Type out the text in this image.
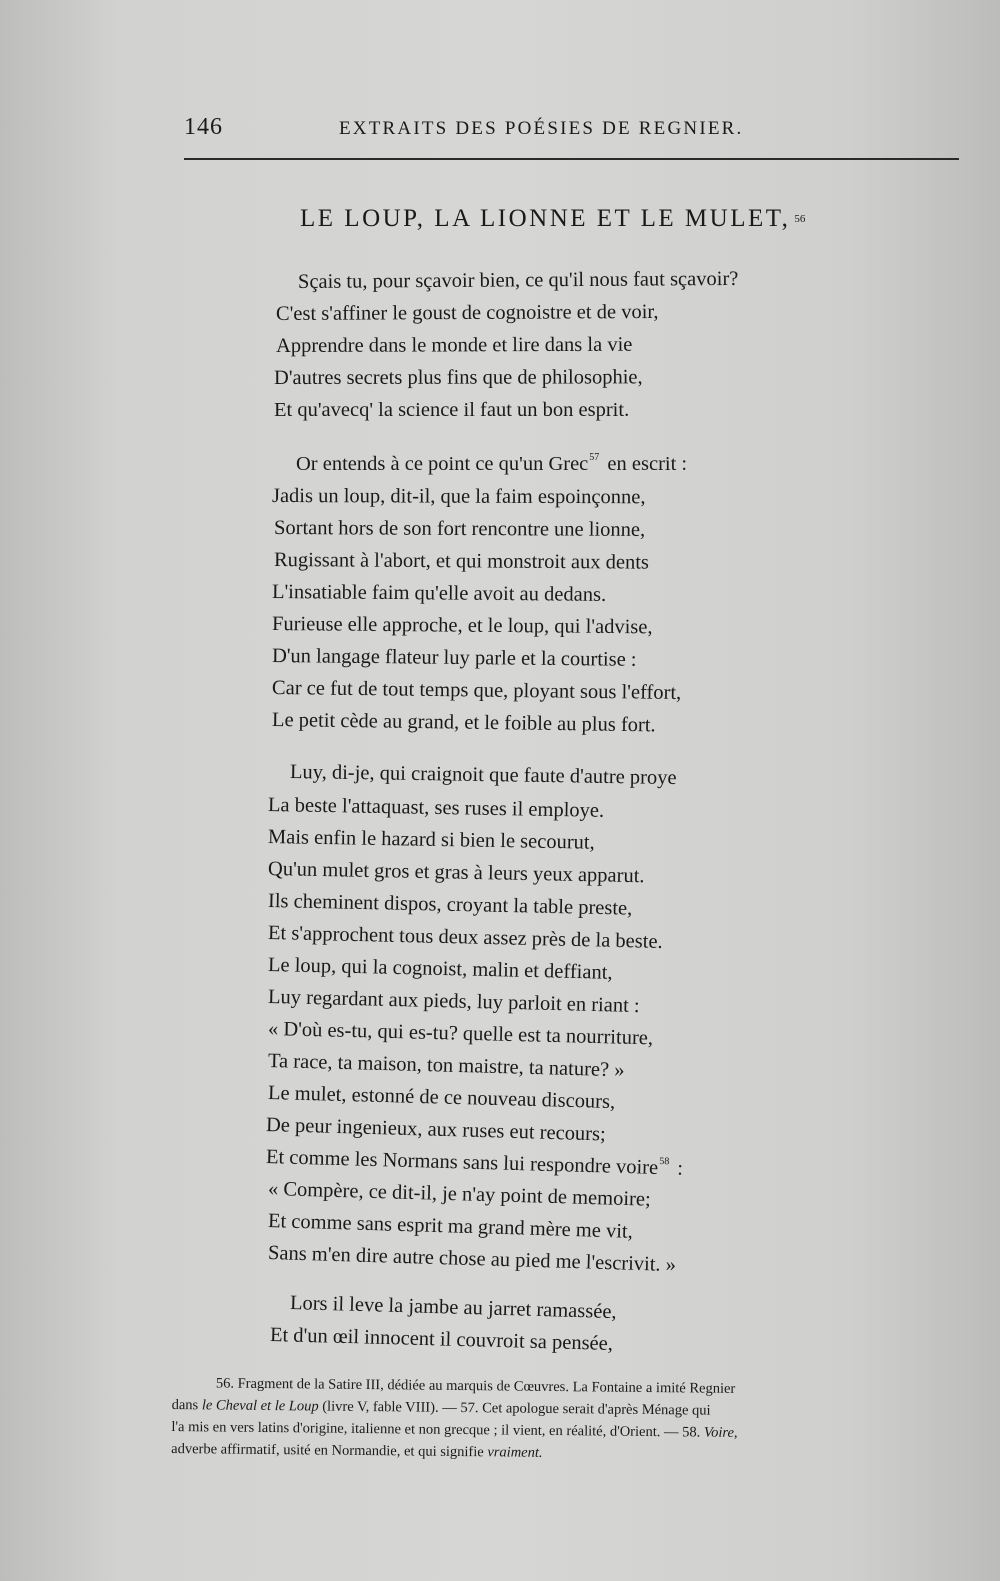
146	EXTRAITS DES POÉSIES DE REGNIER.
LE LOUP, LA LIONNE ET LE MULET, $^{56}$
Sçais tu, pour sçavoir bien, ce qu'il nous faut sçavoir?
C'est s'affiner le goust de cognoistre et de voir,
Apprendre dans le monde et lire dans la vie
D'autres secrets plus fins que de philosophie,
Et qu'avecq' la science il faut un bon esprit.
Or entends à ce point ce qu'un Grec$^{57}$ en escrit :
Jadis un loup, dit-il, que la faim espoinçonne,
Sortant hors de son fort rencontre une lionne,
Rugissant à l'abort, et qui monstroit aux dents
L'insatiable faim qu'elle avoit au dedans.
Furieuse elle approche, et le loup, qui l'advise,
D'un langage flateur luy parle et la courtise :
Car ce fut de tout temps que, ployant sous l'effort,
Le petit cède au grand, et le foible au plus fort.
Luy, di-je, qui craignoit que faute d'autre proye
La beste l'attaquast, ses ruses il employe.
Mais enfin le hazard si bien le secourut,
Qu'un mulet gros et gras à leurs yeux apparut.
Ils cheminent dispos, croyant la table preste,
Et s'approchent tous deux assez près de la beste.
Le loup, qui la cognoist, malin et deffiant,
Luy regardant aux pieds, luy parloit en riant :
« D'où es-tu, qui es-tu? quelle est ta nourriture,
Ta race, ta maison, ton maistre, ta nature? »
Le mulet, estonné de ce nouveau discours,
De peur ingenieux, aux ruses eut recours;
Et comme les Normans sans lui respondre voire$^{58}$ :
« Compère, ce dit-il, je n'ay point de memoire;
Et comme sans esprit ma grand mère me vit,
Sans m'en dire autre chose au pied me l'escrivit. »
Lors il leve la jambe au jarret ramassée,
Et d'un œil innocent il couvroit sa pensée,
56. Fragment de la Satire III, dédiée au marquis de Cœuvres. La Fontaine a imité Regnier
dans le Cheval et le Loup (livre V, fable VIII). — 57. Cet apologue serait d'après Ménage qui
l'a mis en vers latins d'origine, italienne et non grecque ; il vient, en réalité, d'Orient. — 58. Voire,
adverbe affirmatif, usité en Normandie, et qui signifie vraiment.
